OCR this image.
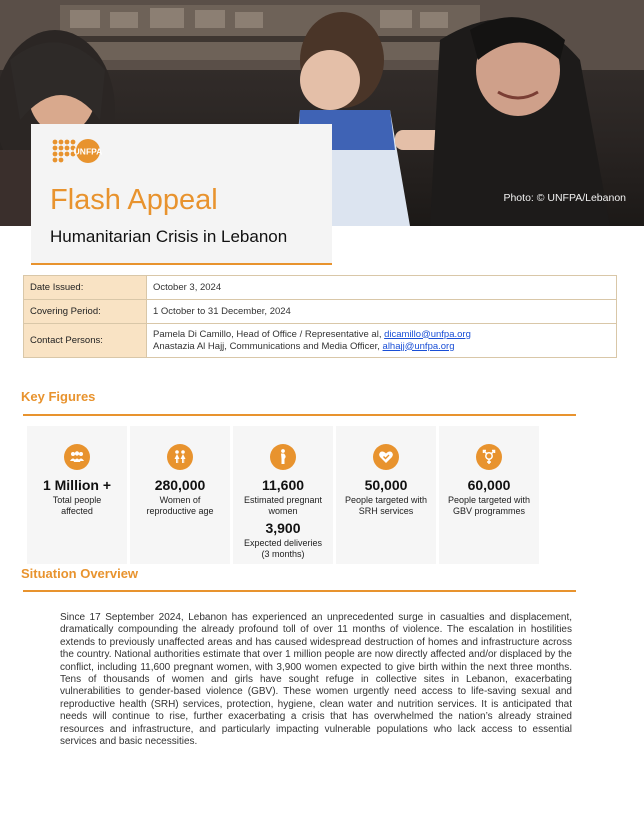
Photo: © UNFPA/Lebanon
UNFPA
Flash Appeal
Humanitarian Crisis in Lebanon
Date Issued:	October 3, 2024
Covering Period:	1 October to 31 December, 2024
Contact Persons:	Pamela Di Camillo, Head of Office / Representative al, dicamillo@unfpa.org
Anastazia Al Hajj, Communications and Media Officer, alhajj@unfpa.org
Key Figures
1 Million +
Total people affected
280,000
Women of reproductive age
11,600
Estimated pregnant women
3,900
Expected deliveries (3 months)
50,000
People targeted with SRH services
60,000
People targeted with GBV programmes
Situation Overview

Since 17 September 2024, Lebanon has experienced an unprecedented surge in casualties and displacement, dramatically compounding the already profound toll of over 11 months of violence. The escalation in hostilities extends to previously unaffected areas and has caused widespread destruction of homes and infrastructure across the country. National authorities estimate that over 1 million people are now directly affected and/or displaced by the conflict, including 11,600 pregnant women, with 3,900 women expected to give birth within the next three months. Tens of thousands of women and girls have sought refuge in collective sites in Lebanon, exacerbating vulnerabilities to gender-based violence (GBV). These women urgently need access to life-saving sexual and reproductive health (SRH) services, protection, hygiene, clean water and nutrition services. It is anticipated that needs will continue to rise, further exacerbating a crisis that has overwhelmed the nation’s already strained resources and infrastructure, and particularly impacting vulnerable populations who lack access to essential services and basic necessities.
